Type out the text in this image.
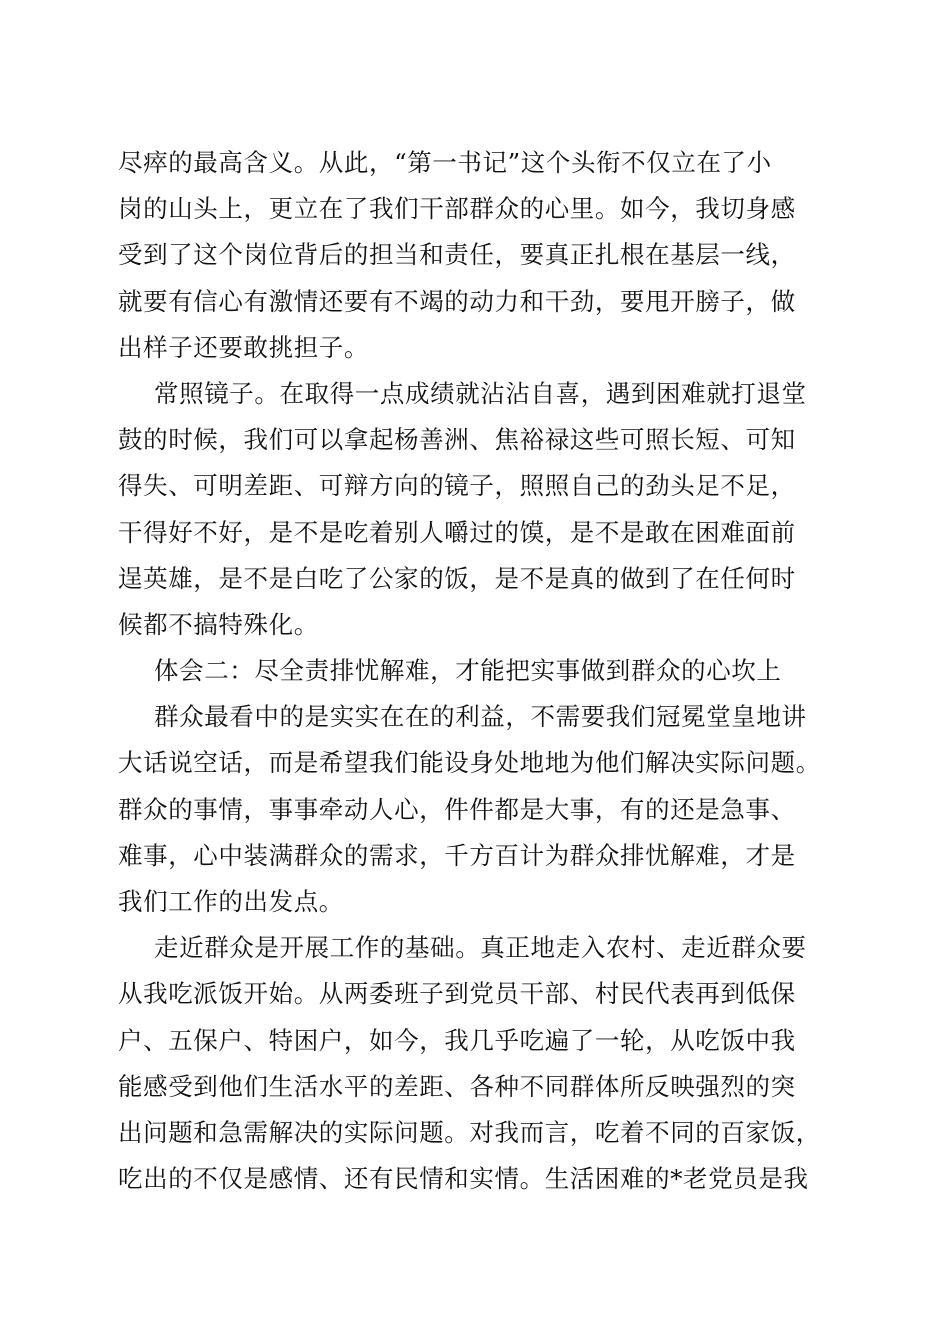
尽瘁的最高含义。从此，“第一书记”这个头衔不仅立在了小
岗的山头上，更立在了我们干部群众的心里。如今，我切身感
受到了这个岗位背后的担当和责任，要真正扎根在基层一线，
就要有信心有激情还要有不竭的动力和干劲，要甩开膀子，做
出样子还要敢挑担子。
常照镜子。在取得一点成绩就沾沾自喜，遇到困难就打退堂
鼓的时候，我们可以拿起杨善洲、焦裕禄这些可照长短、可知
得失、可明差距、可辩方向的镜子，照照自己的劲头足不足，
干得好不好，是不是吃着别人嚼过的馍，是不是敢在困难面前
逞英雄，是不是白吃了公家的饭，是不是真的做到了在任何时
候都不搞特殊化。
体会二：尽全责排忧解难，才能把实事做到群众的心坎上
群众最看中的是实实在在的利益，不需要我们冠冕堂皇地讲
大话说空话，而是希望我们能设身处地地为他们解决实际问题。
群众的事情，事事牵动人心，件件都是大事，有的还是急事、
难事，心中装满群众的需求，千方百计为群众排忧解难，才是
我们工作的出发点。
走近群众是开展工作的基础。真正地走入农村、走近群众要
从我吃派饭开始。从两委班子到党员干部、村民代表再到低保
户、五保户、特困户，如今，我几乎吃遍了一轮，从吃饭中我
能感受到他们生活水平的差距、各种不同群体所反映强烈的突
出问题和急需解决的实际问题。对我而言，吃着不同的百家饭，
吃出的不仅是感情、还有民情和实情。生活困难的*老党员是我
